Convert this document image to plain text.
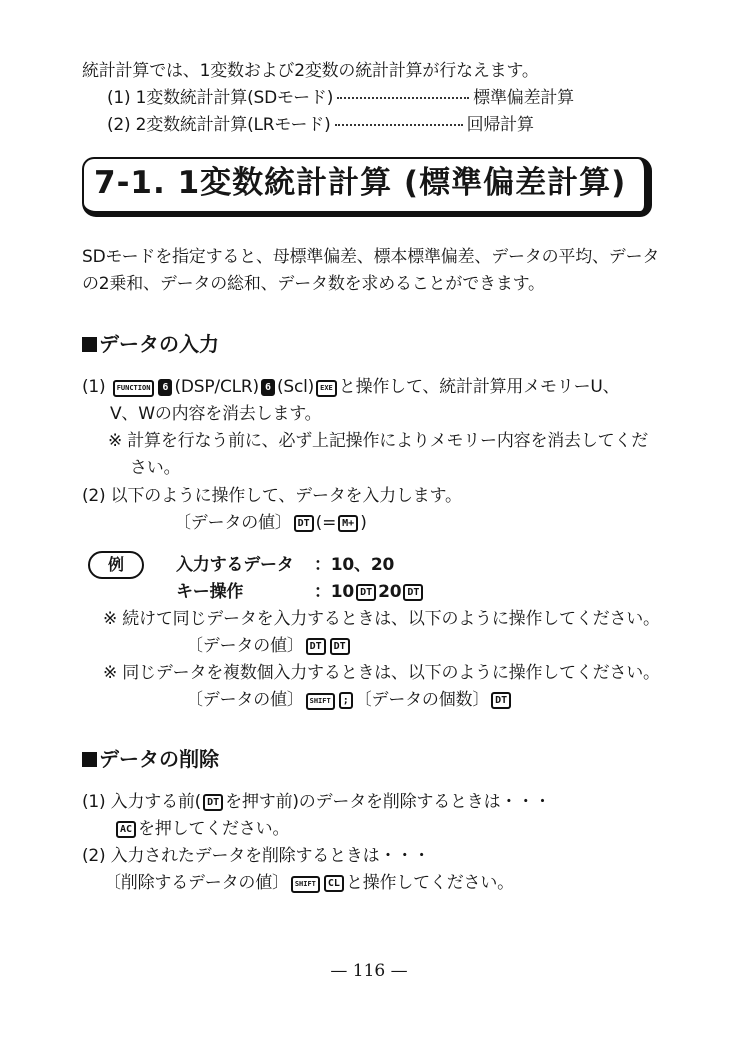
統計計算では、1変数および2変数の統計計算が行なえます。
(1) 1変数統計計算(SDモード)	標準偏差計算
(2) 2変数統計計算(LRモード)	回帰計算
7-1. 1変数統計計算 (標準偏差計算)
SDモードを指定すると、母標準偏差、標本標準偏差、データの平均、データ
の2乗和、データの総和、データ数を求めることができます。
データの入力
(1) FUNCTION 6 (DSP/CLR) 6 (Scl) EXE と操作して、統計計算用メモリーU、
V、Wの内容を消去します。
※ 計算を行なう前に、必ず上記操作によりメモリー内容を消去してくだ
さい。
(2) 以下のように操作して、データを入力します。
〔データの値〕 DT (= M+ )
例	入力するデータ ：10、20
キー操作	：10 DT 20 DT
※ 続けて同じデータを入力するときは、以下のように操作してください。
〔データの値〕 DT DT
※ 同じデータを複数個入力するときは、以下のように操作してください。
〔データの値〕 SHIFT ; 〔データの個数〕 DT
データの削除
(1) 入力する前( DT を押す前)のデータを削除するときは・・・
AC を押してください。
(2) 入力されたデータを削除するときは・・・
〔削除するデータの値〕 SHIFT CL と操作してください。
— 116 —
